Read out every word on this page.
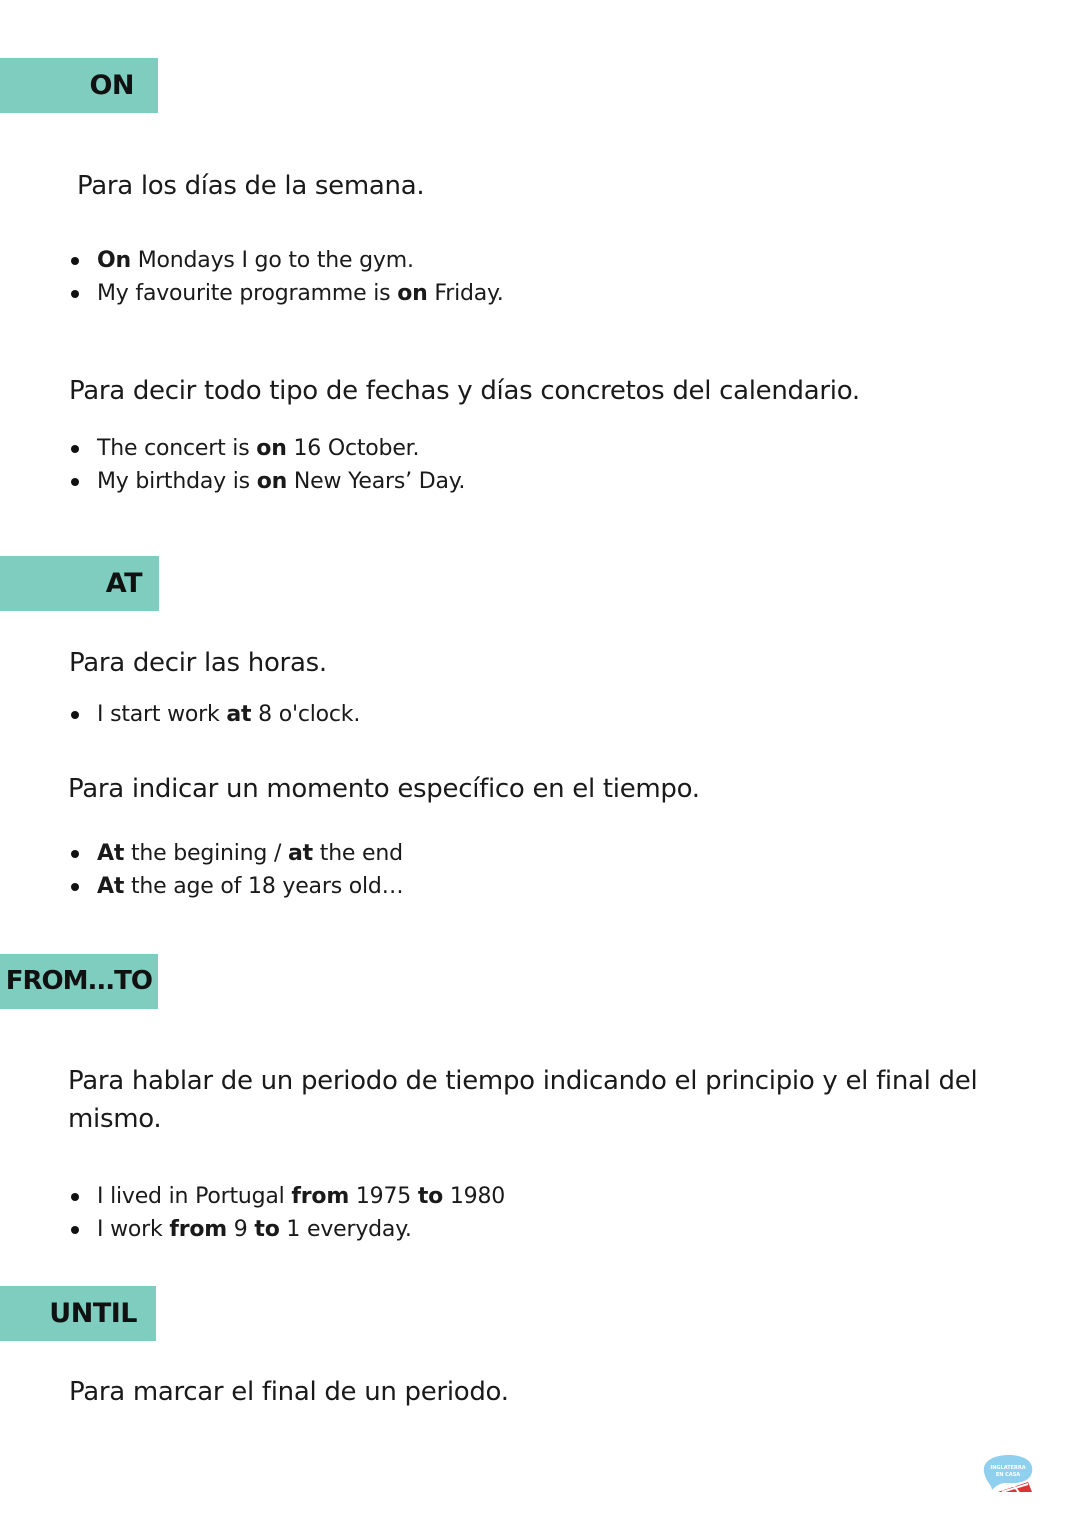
ON
Para los días de la semana.
On Mondays I go to the gym.
My favourite programme is on Friday.
Para decir todo tipo de fechas y días concretos del calendario.
The concert is on 16 October.
My birthday is on New Years’ Day.
AT
Para decir las horas.
I start work at 8 o'clock.
Para indicar un momento específico en el tiempo.
At the begining / at the end
At the age of 18 years old…
FROM...TO
Para hablar de un periodo de tiempo indicando el principio y el final del mismo.
I lived in Portugal from 1975 to 1980
I work from 9 to 1 everyday.
UNTIL
Para marcar el final de un periodo.
INGLATERRA
EN CASA
